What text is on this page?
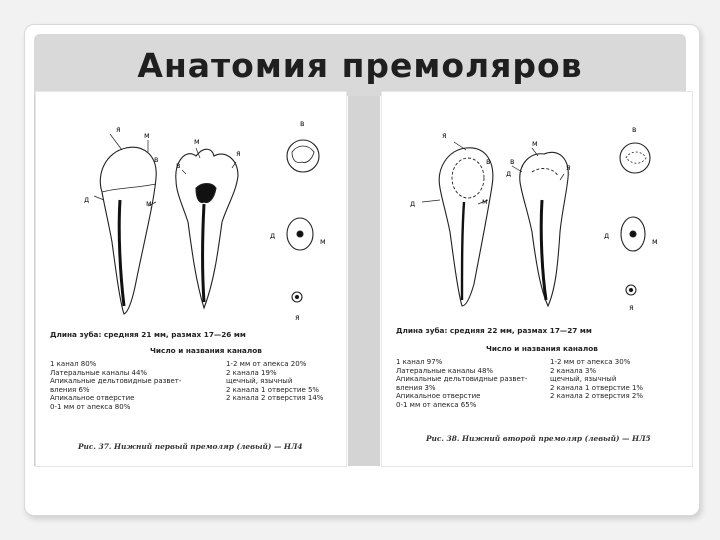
Анатомия премоляров
я
в
м
д	м
м
я
в
в
д
м
я
Длина зуба: средняя 21 мм, размах 17—26 мм
Число и названия каналов
1 канал 80%
Латеральные каналы 44%
Апикальные дельтовидные развет-
вления 6%
Апикальное отверстие
0-1 мм от апекса 80%
1-2 мм от апекса 20%
2 канала 19%
щечный, язычный
2 канала 1 отверстие 5%
2 канала 2 отверстия 14%
Рис. 37. Нижний первый премоляр (левый) — НЛ4
я
в
д	м
м
в
я
д
в
д
м
я
Длина зуба: средняя 22 мм, размах 17—27 мм
Число и названия каналов
1 канал 97%
Латеральные каналы 48%
Апикальные дельтовидные развет-
вления 3%
Апикальное отверстие
0-1 мм от апекса 65%
1-2 мм от апекса 30%
2 канала 3%
щечный, язычный
2 канала 1 отверстие 1%
2 канала 2 отверстия 2%
Рис. 38. Нижний второй премоляр (левый) — НЛ5
